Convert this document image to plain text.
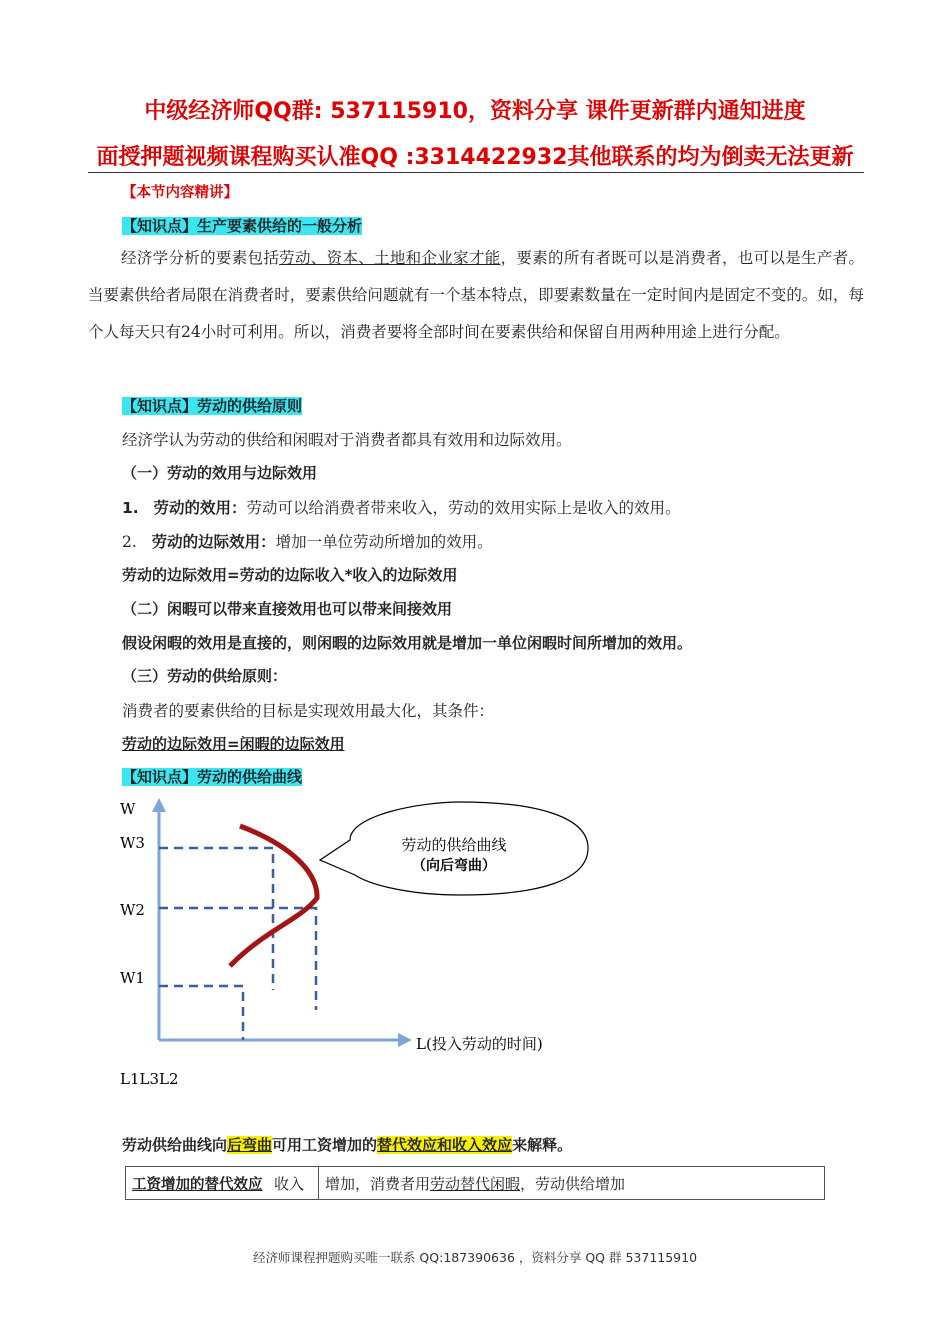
中级经济师QQ群: 537115910，资料分享 课件更新群内通知进度
面授押题视频课程购买认准QQ :3314422932其他联系的均为倒卖无法更新
【本节内容精讲】
【知识点】生产要素供给的一般分析
经济学分析的要素包括劳动、资本、土地和企业家才能，要素的所有者既可以是消费者，也可以是生产者。当要素供给者局限在消费者时，要素供给问题就有一个基本特点，即要素数量在一定时间内是固定不变的。如，每个人每天只有24小时可利用。所以，消费者要将全部时间在要素供给和保留自用两种用途上进行分配。
【知识点】劳动的供给原则
经济学认为劳动的供给和闲暇对于消费者都具有效用和边际效用。
（一）劳动的效用与边际效用
1. 劳动的效用：劳动可以给消费者带来收入，劳动的效用实际上是收入的效用。
2. 劳动的边际效用：增加一单位劳动所增加的效用。
劳动的边际效用=劳动的边际收入*收入的边际效用
（二）闲暇可以带来直接效用也可以带来间接效用
假设闲暇的效用是直接的，则闲暇的边际效用就是增加一单位闲暇时间所增加的效用。
（三）劳动的供给原则：
消费者的要素供给的目标是实现效用最大化，其条件：
劳动的边际效用=闲暇的边际效用
【知识点】劳动的供给曲线
W
W3
W2
W1
L(投入劳动的时间)
L1L3L2
劳动的供给曲线
（向后弯曲）
劳动供给曲线向后弯曲可用工资增加的替代效应和收入效应来解释。
工资增加的替代效应 收入	增加，消费者用劳动替代闲暇，劳动供给增加
经济师课程押题购买唯一联系 QQ:187390636 ，资料分享 QQ 群 537115910
